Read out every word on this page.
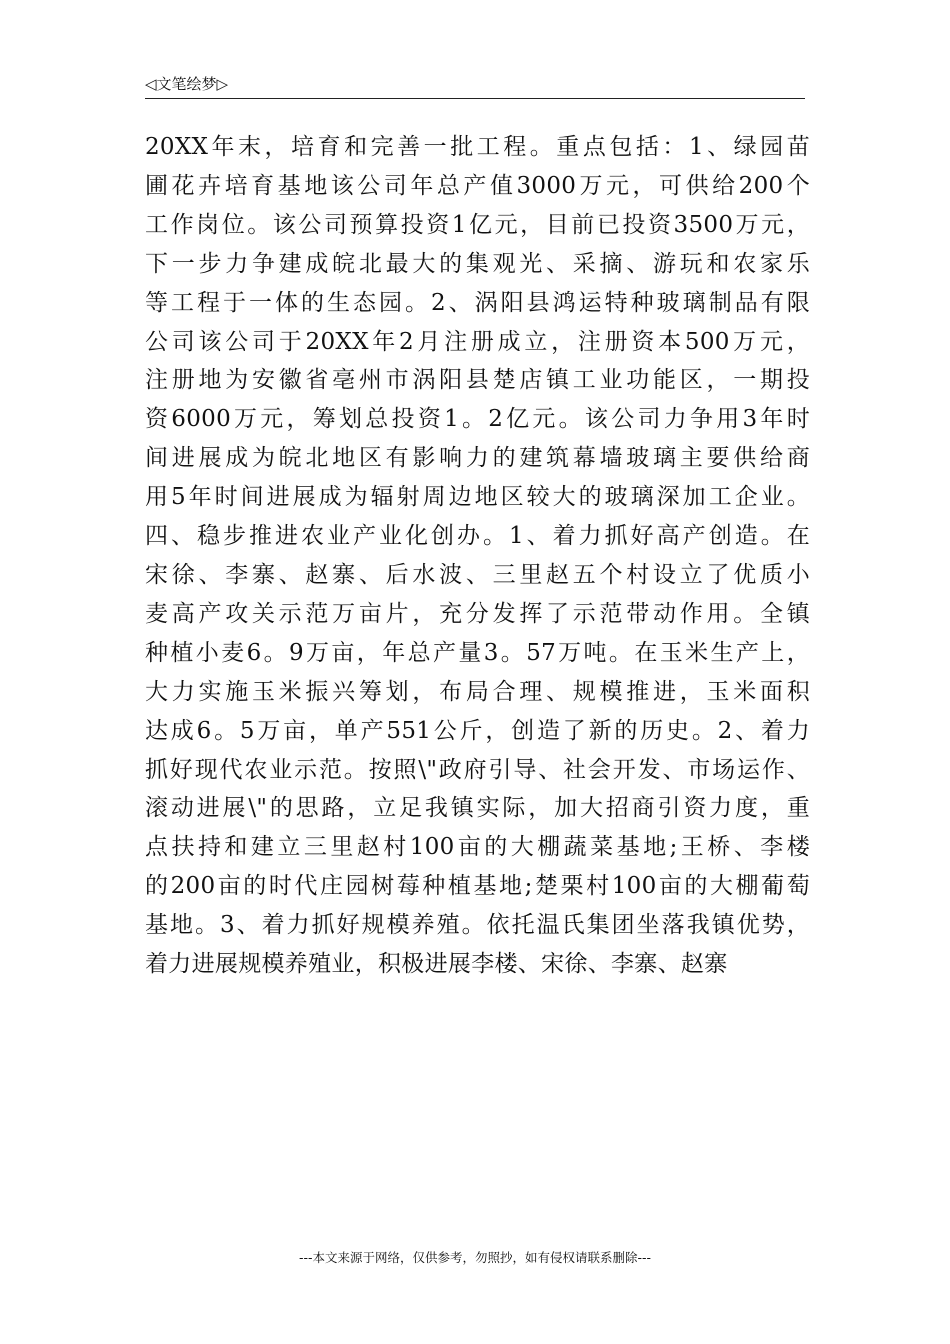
◁文笔绘梦▷
20XX年末，培育和完善一批工程。重点包括：1、绿园苗
圃花卉培育基地该公司年总产值3000万元，可供给200个
工作岗位。该公司预算投资1亿元，目前已投资3500万元，
下一步力争建成皖北最大的集观光、采摘、游玩和农家乐
等工程于一体的生态园。2、涡阳县鸿运特种玻璃制品有限
公司该公司于20XX年2月注册成立，注册资本500万元，
注册地为安徽省亳州市涡阳县楚店镇工业功能区，一期投
资6000万元，筹划总投资1。2亿元。该公司力争用3年时
间进展成为皖北地区有影响力的建筑幕墙玻璃主要供给商
用5年时间进展成为辐射周边地区较大的玻璃深加工企业。
四、稳步推进农业产业化创办。1、着力抓好高产创造。在
宋徐、李寨、赵寨、后水波、三里赵五个村设立了优质小
麦高产攻关示范万亩片，充分发挥了示范带动作用。全镇
种植小麦6。9万亩，年总产量3。57万吨。在玉米生产上，
大力实施玉米振兴筹划，布局合理、规模推进，玉米面积
达成6。5万亩，单产551公斤，创造了新的历史。2、着力
抓好现代农业示范。按照\"政府引导、社会开发、市场运作、
滚动进展\"的思路，立足我镇实际，加大招商引资力度，重
点扶持和建立三里赵村100亩的大棚蔬菜基地;王桥、李楼
的200亩的时代庄园树莓种植基地;楚栗村100亩的大棚葡萄
基地。3、着力抓好规模养殖。依托温氏集团坐落我镇优势，
着力进展规模养殖业，积极进展李楼、宋徐、李寨、赵寨
---本文来源于网络，仅供参考，勿照抄，如有侵权请联系删除---
